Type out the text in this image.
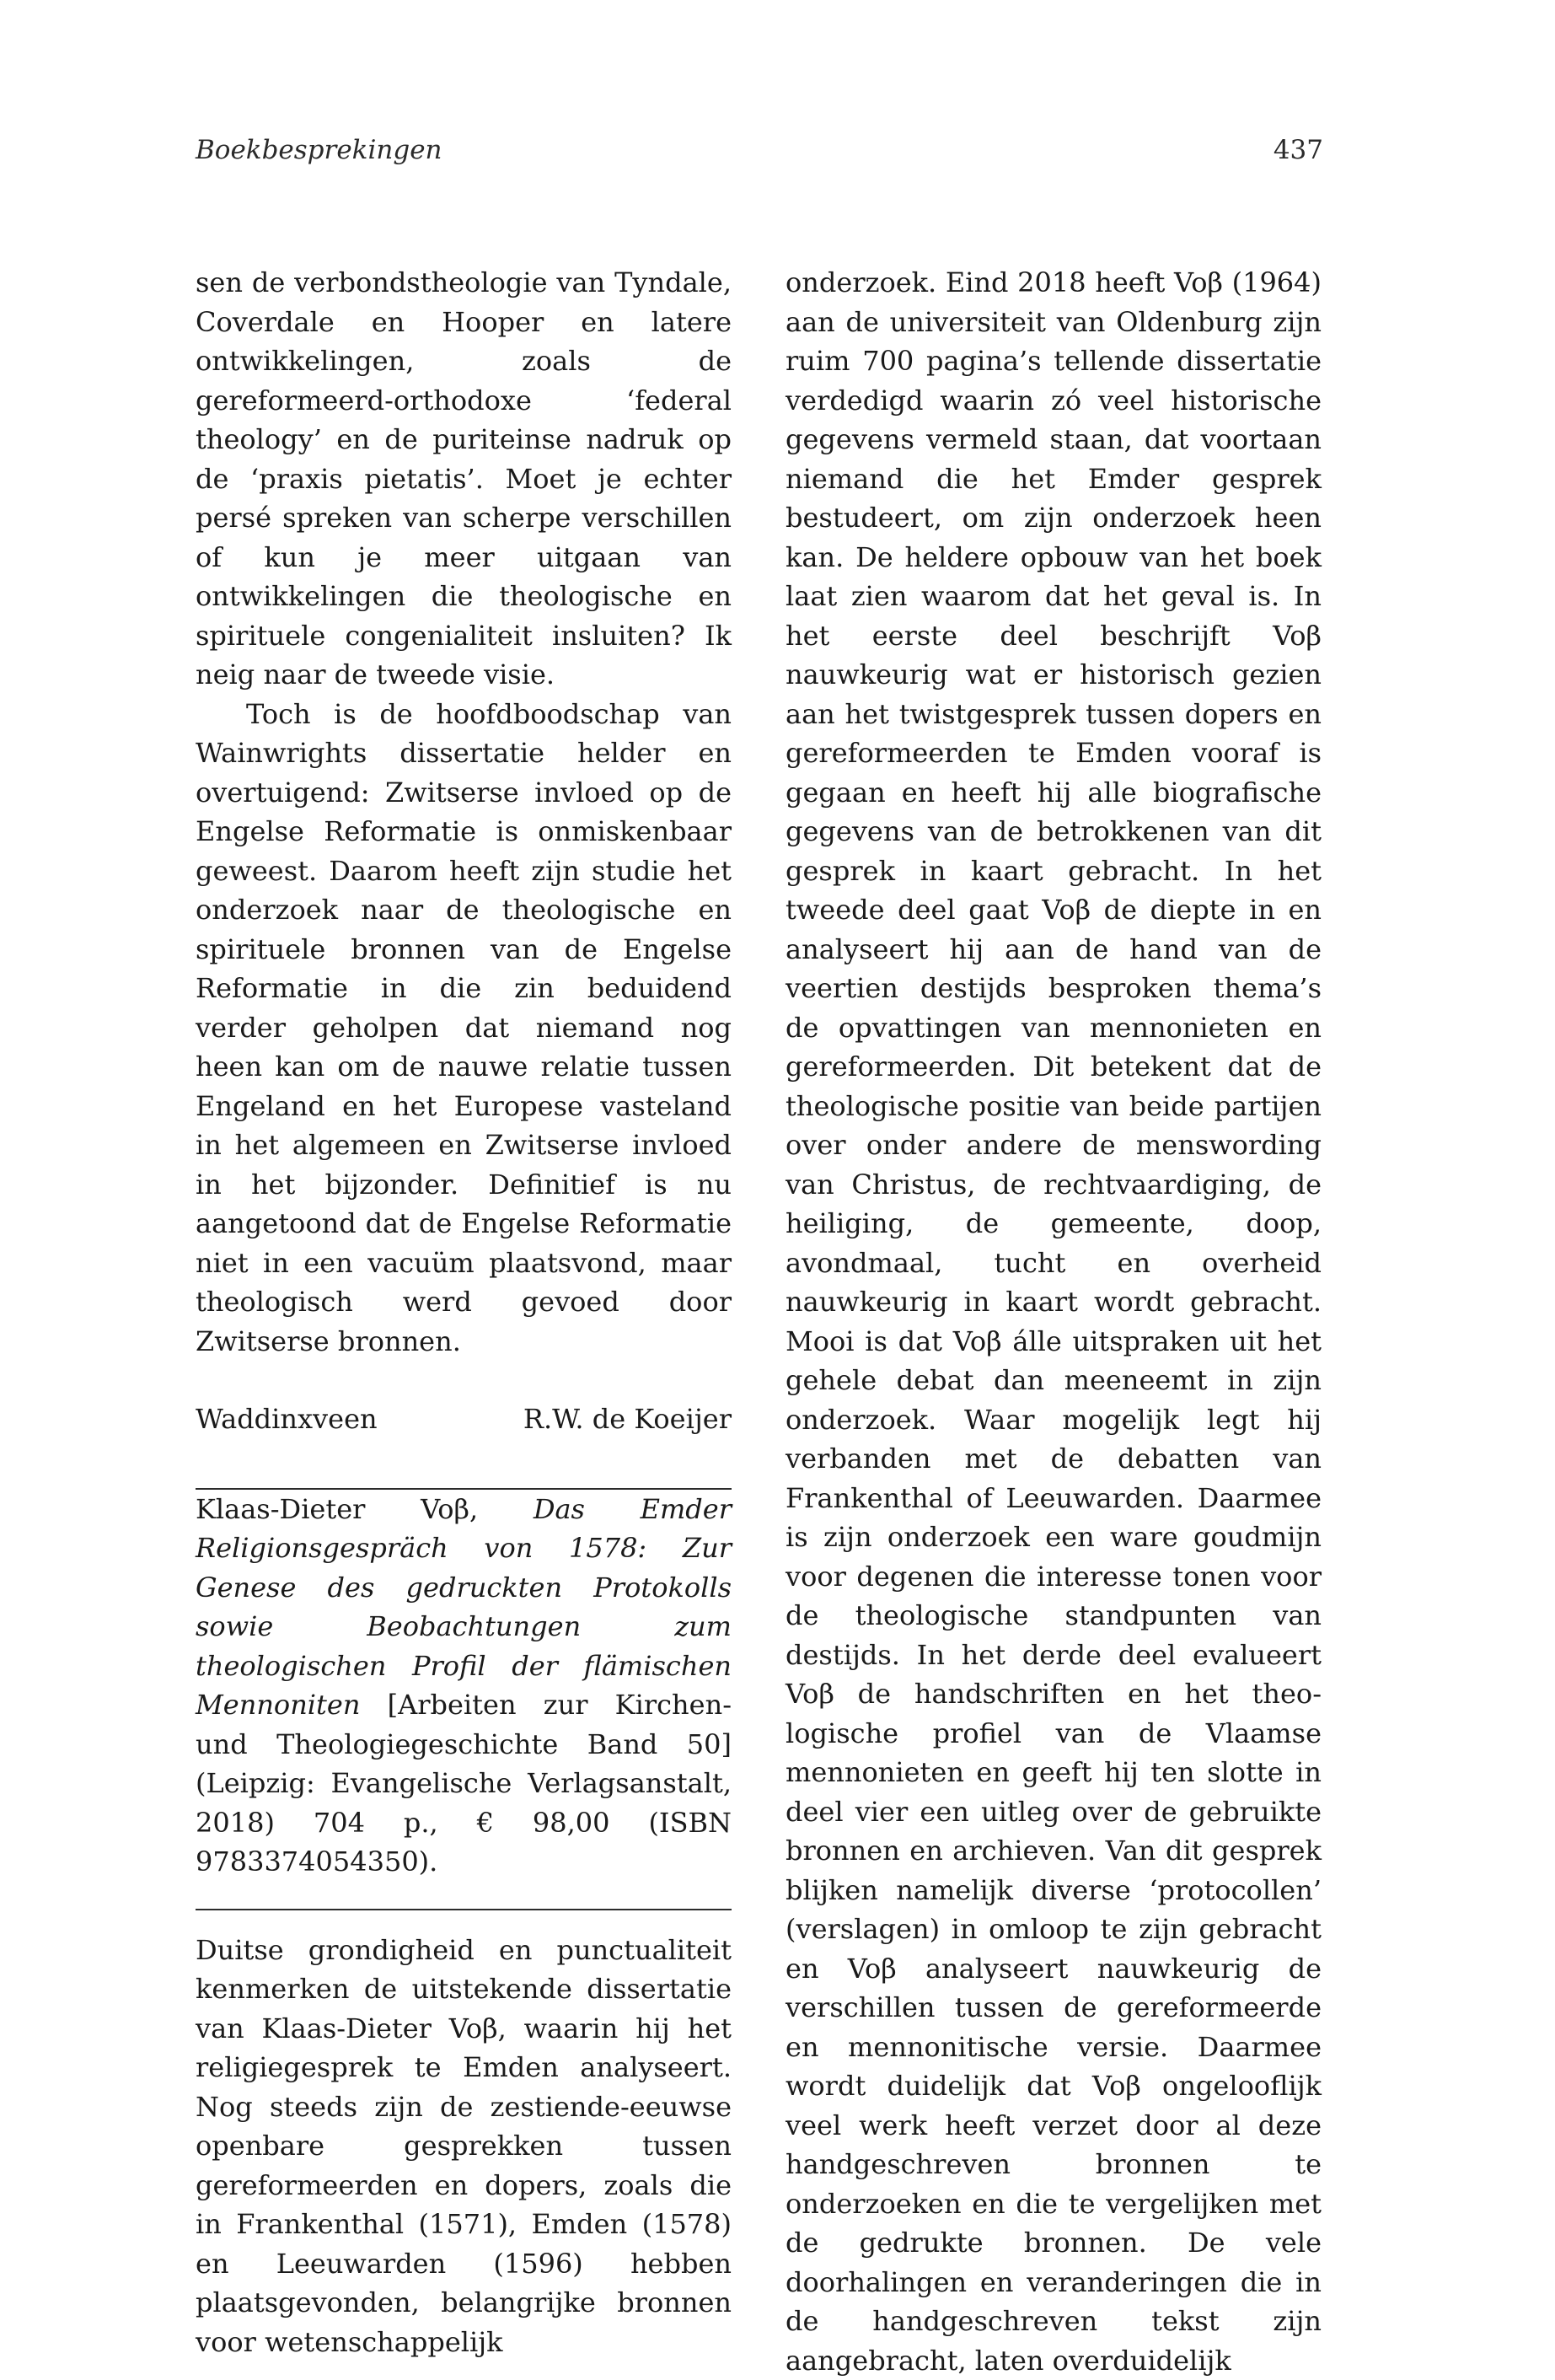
Boekbesprekingen	437

sen de verbondstheologie van Tyndale, Coverdale en Hooper en latere ontwikkelingen, zoals de gereformeerd-orthodoxe ‘federal theology’ en de puriteinse nadruk op de ‘praxis pietatis’. Moet je echter persé spreken van scherpe verschillen of kun je meer uitgaan van ontwikkelingen die theologische en spirituele congenialiteit insluiten? Ik neig naar de tweede visie.

Toch is de hoofdboodschap van Wainwrights dissertatie helder en overtuigend: Zwitserse invloed op de Engelse Reformatie is onmiskenbaar geweest. Daarom heeft zijn studie het onderzoek naar de theologische en spirituele bronnen van de Engelse Reformatie in die zin beduidend verder geholpen dat niemand nog heen kan om de nauwe relatie tussen Engeland en het Europese vasteland in het algemeen en Zwitserse invloed in het bijzonder. Definitief is nu aangetoond dat de Engelse Reformatie niet in een vacuüm plaatsvond, maar theologisch werd gevoed door Zwitserse bronnen.

Waddinxveen	R.W. de Koeijer

Klaas-Dieter Voβ, Das Emder Religionsgespräch von 1578: Zur Genese des gedruckten Protokolls sowie Beobachtungen zum theologischen Profil der flämischen Mennoniten [Arbeiten zur Kirchen- und Theologiegeschichte Band 50] (Leipzig: Evangelische Verlagsanstalt, 2018) 704 p., € 98,00 (ISBN 9783374054350).

Duitse grondigheid en punctualiteit kenmerken de uitstekende dissertatie van Klaas-Dieter Voβ, waarin hij het religiegesprek te Emden analyseert. Nog steeds zijn de zestiende-eeuwse openbare gesprekken tussen gereformeerden en dopers, zoals die in Frankenthal (1571), Emden (1578) en Leeuwarden (1596) hebben plaatsgevonden, belangrijke bronnen voor wetenschappelijk

onderzoek. Eind 2018 heeft Voβ (1964) aan de universiteit van Oldenburg zijn ruim 700 pagina’s tellende dissertatie verdedigd waarin zó veel historische gegevens vermeld staan, dat voortaan niemand die het Emder gesprek bestudeert, om zijn onderzoek heen kan. De heldere opbouw van het boek laat zien waarom dat het geval is. In het eerste deel beschrijft Voβ nauwkeurig wat er historisch gezien aan het twistgesprek tussen dopers en gereformeerden te Emden vooraf is gegaan en heeft hij alle biografische gegevens van de betrokkenen van dit gesprek in kaart gebracht. In het tweede deel gaat Voβ de diepte in en analyseert hij aan de hand van de veertien destijds besproken thema’s de opvattingen van mennonieten en gereformeerden. Dit betekent dat de theologische positie van beide partijen over onder andere de menswording van Christus, de rechtvaardiging, de heiliging, de gemeente, doop, avondmaal, tucht en overheid nauwkeurig in kaart wordt gebracht. Mooi is dat Voβ álle uitspraken uit het gehele debat dan meeneemt in zijn onderzoek. Waar mogelijk legt hij verbanden met de debatten van Frankenthal of Leeuwarden. Daarmee is zijn onderzoek een ware goudmijn voor degenen die interesse tonen voor de theologische standpunten van destijds. In het derde deel evalueert Voβ de handschriften en het theologische profiel van de Vlaamse mennonieten en geeft hij ten slotte in deel vier een uitleg over de gebruikte bronnen en archieven. Van dit gesprek blijken namelijk diverse ‘protocollen’ (verslagen) in omloop te zijn gebracht en Voβ analyseert nauwkeurig de verschillen tussen de gereformeerde en mennonitische versie. Daarmee wordt duidelijk dat Voβ ongelooflijk veel werk heeft verzet door al deze handgeschreven bronnen te onderzoeken en die te vergelijken met de gedrukte bronnen. De vele doorhalingen en veranderingen die in de handgeschreven tekst zijn aangebracht, laten overduidelijk
